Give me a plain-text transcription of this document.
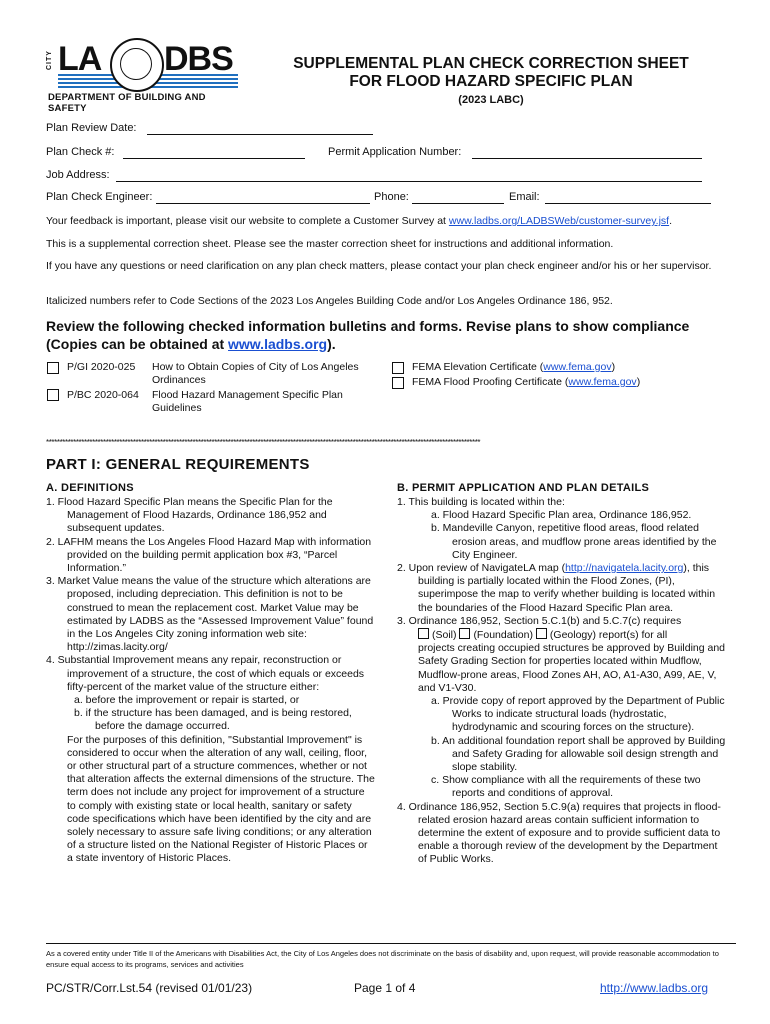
CITY LA DBS
DEPARTMENT OF BUILDING AND SAFETY
SUPPLEMENTAL PLAN CHECK CORRECTION SHEET
FOR FLOOD HAZARD SPECIFIC PLAN
(2023 LABC)
Plan Review Date:
Plan Check #:	Permit Application Number:
Job Address:
Plan Check Engineer:	Phone:	Email:
Your feedback is important, please visit our website to complete a Customer Survey at www.ladbs.org/LADBSWeb/customer-survey.jsf.
This is a supplemental correction sheet. Please see the master correction sheet for instructions and additional information.
If you have any questions or need clarification on any plan check matters, please contact your plan check engineer and/or his or her supervisor.
Italicized numbers refer to Code Sections of the 2023 Los Angeles Building Code and/or Los Angeles Ordinance 186, 952.
Review the following checked information bulletins and forms. Revise plans to show compliance (Copies can be obtained at www.ladbs.org).
P/GI 2020-025 How to Obtain Copies of City of Los Angeles Ordinances
P/BC 2020-064 Flood Hazard Management Specific Plan Guidelines
FEMA Elevation Certificate (www.fema.gov)
FEMA Flood Proofing Certificate (www.fema.gov)
****************************************************************************************************************************************************************
PART I: GENERAL REQUIREMENTS
A. DEFINITIONS
1. Flood Hazard Specific Plan means the Specific Plan for the Management of Flood Hazards, Ordinance 186,952 and subsequent updates.
2. LAFHM means the Los Angeles Flood Hazard Map with information provided on the building permit application box #3, “Parcel Information.”
3. Market Value means the value of the structure which alterations are proposed, including depreciation. This definition is not to be construed to mean the replacement cost. Market Value may be estimated by LADBS as the “Assessed Improvement Value” found in the Los Angeles City zoning information web site: http://zimas.lacity.org/
4. Substantial Improvement means any repair, reconstruction or improvement of a structure, the cost of which equals or exceeds fifty-percent of the market value of the structure either:
a. before the improvement or repair is started, or
b. if the structure has been damaged, and is being restored, before the damage occurred.
For the purposes of this definition, "Substantial Improvement" is considered to occur when the alteration of any wall, ceiling, floor, or other structural part of a structure commences, whether or not that alteration affects the external dimensions of the structure. The term does not include any project for improvement of a structure to comply with existing state or local health, sanitary or safety code specifications which have been identified by the city and are solely necessary to assure safe living conditions; or any alteration of a structure listed on the National Register of Historic Places or a state inventory of Historic Places.
B. PERMIT APPLICATION AND PLAN DETAILS
1. This building is located within the:
a. Flood Hazard Specific Plan area, Ordinance 186,952.
b. Mandeville Canyon, repetitive flood areas, flood related erosion areas, and mudflow prone areas identified by the City Engineer.
2. Upon review of NavigateLA map (http://navigatela.lacity.org), this building is partially located within the Flood Zones, (PI), superimpose the map to verify whether building is located within the boundaries of the Flood Hazard Specific Plan area.
3. Ordinance 186,952, Section 5.C.1(b) and 5.C.7(c) requires
(Soil) (Foundation) (Geology) report(s) for all
projects creating occupied structures be approved by Building and Safety Grading Section for properties located within Mudflow, Mudflow-prone areas, Flood Zones AH, AO, A1-A30, A99, AE, V, and V1-V30.
a. Provide copy of report approved by the Department of Public Works to indicate structural loads (hydrostatic, hydrodynamic and scouring forces on the structure).
b. An additional foundation report shall be approved by Building and Safety Grading for allowable soil design strength and slope stability.
c. Show compliance with all the requirements of these two reports and conditions of approval.
4. Ordinance 186,952, Section 5.C.9(a) requires that projects in flood-related erosion hazard areas contain sufficient information to determine the extent of exposure and to provide sufficient data to enable a thorough review of the development by the Department of Public Works.
As a covered entity under Title II of the Americans with Disabilities Act, the City of Los Angeles does not discriminate on the basis of disability and, upon request, will provide reasonable accommodation to ensure equal access to its programs, services and activities
PC/STR/Corr.Lst.54 (revised 01/01/23)	Page 1 of 4	http://www.ladbs.org
